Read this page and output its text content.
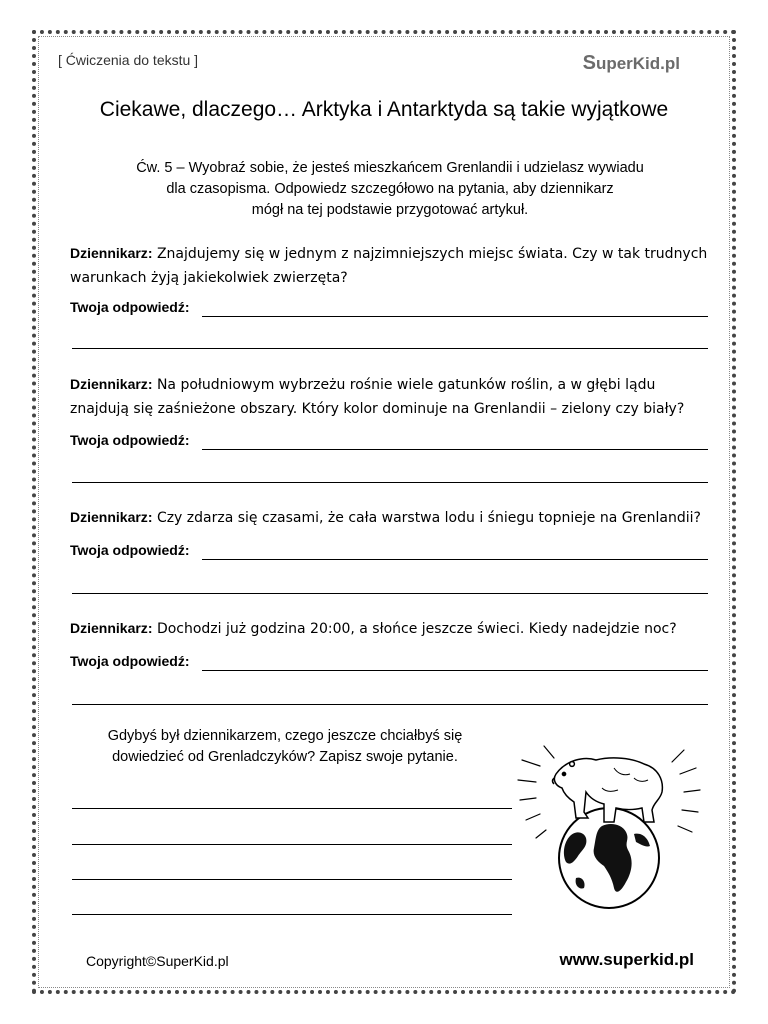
[ Ćwiczenia do tekstu ]	SuperKid.pl
Ciekawe, dlaczego… Arktyka i Antarktyda są takie wyjątkowe
Ćw. 5 – Wyobraź sobie, że jesteś mieszkańcem Grenlandii i udzielasz wywiadu
dla czasopisma. Odpowiedz szczegółowo na pytania, aby dziennikarz
mógł na tej podstawie przygotować artykuł.
Dziennikarz: Znajdujemy się w jednym z najzimniejszych miejsc świata. Czy w tak trudnych
warunkach żyją jakiekolwiek zwierzęta?
Twoja odpowiedź:
Dziennikarz: Na południowym wybrzeżu rośnie wiele gatunków roślin, a w głębi lądu
znajdują się zaśnieżone obszary. Który kolor dominuje na Grenlandii – zielony czy biały?
Twoja odpowiedź:
Dziennikarz: Czy zdarza się czasami, że cała warstwa lodu i śniegu topnieje na Grenlandii?
Twoja odpowiedź:
Dziennikarz: Dochodzi już godzina 20:00, a słońce jeszcze świeci. Kiedy nadejdzie noc?
Twoja odpowiedź:
Gdybyś był dziennikarzem, czego jeszcze chciałbyś się
dowiedzieć od Grenladczyków? Zapisz swoje pytanie.
Copyright©SuperKid.pl	www.superkid.pl
